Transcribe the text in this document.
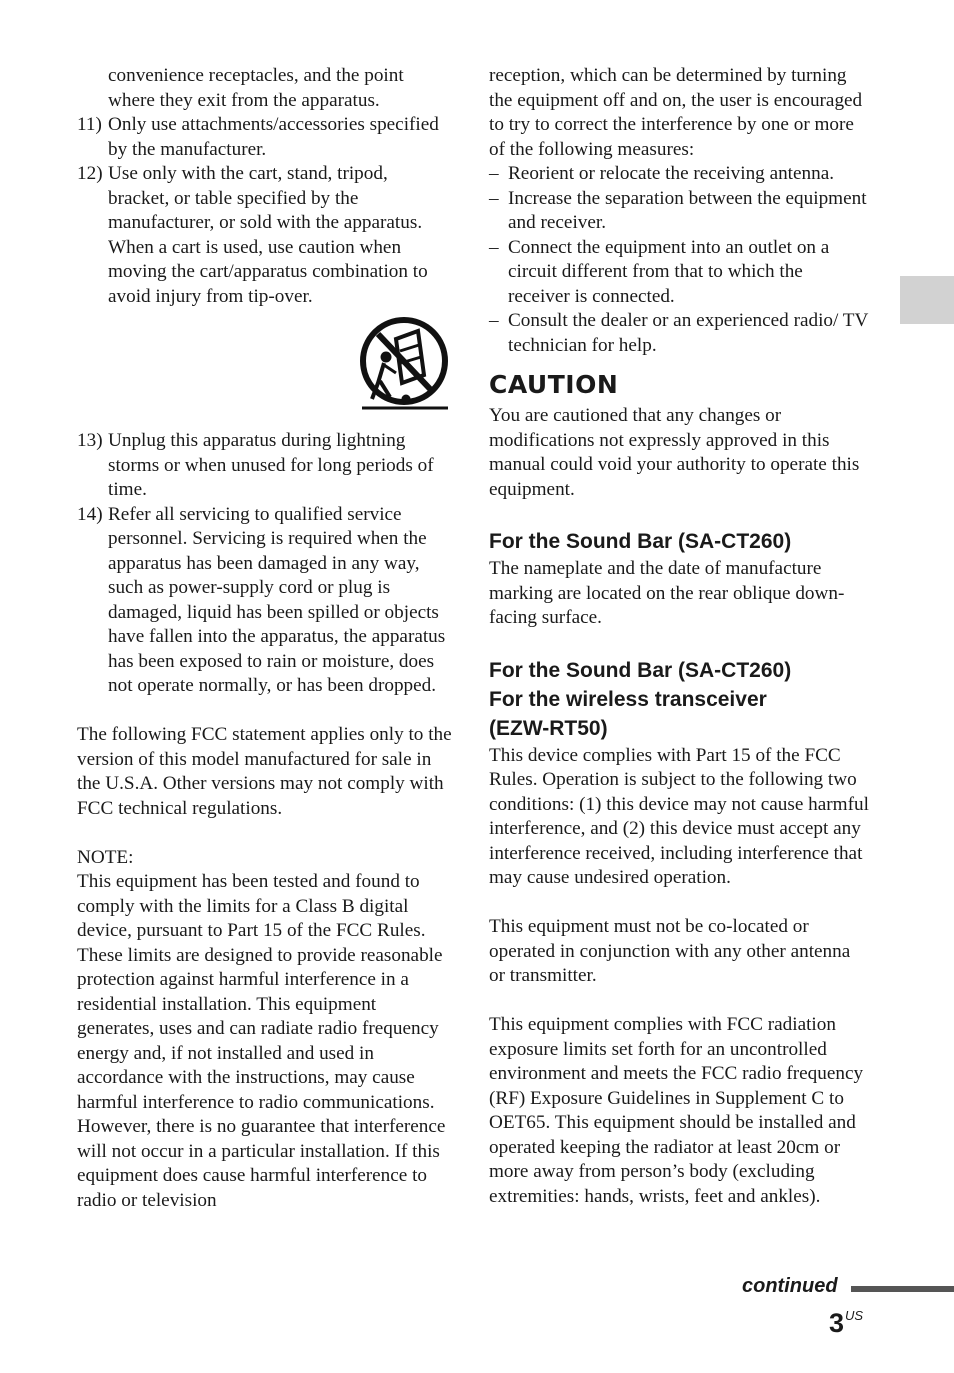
convenience receptacles, and the point where they exit from the apparatus.

11) Only use attachments/accessories specified by the manufacturer.
12) Use only with the cart, stand, tripod, bracket, or table specified by the manufacturer, or sold with the apparatus. When a cart is used, use caution when moving the cart/apparatus combination to avoid injury from tip-over.
13) Unplug this apparatus during lightning storms or when unused for long periods of time.
14) Refer all servicing to qualified service personnel. Servicing is required when the apparatus has been damaged in any way, such as power-supply cord or plug is damaged, liquid has been spilled or objects have fallen into the apparatus, the apparatus has been exposed to rain or moisture, does not operate normally, or has been dropped.

The following FCC statement applies only to the version of this model manufactured for sale in the U.S.A. Other versions may not comply with FCC technical regulations.

NOTE:

This equipment has been tested and found to comply with the limits for a Class B digital device, pursuant to Part 15 of the FCC Rules. These limits are designed to provide reasonable protection against harmful interference in a residential installation. This equipment generates, uses and can radiate radio frequency energy and, if not installed and used in accordance with the instructions, may cause harmful interference to radio communications.

However, there is no guarantee that interference will not occur in a particular installation. If this equipment does cause harmful interference to radio or television

reception, which can be determined by turning the equipment off and on, the user is encouraged to try to correct the interference by one or more of the following measures:

– Reorient or relocate the receiving antenna.
– Increase the separation between the equipment and receiver.
– Connect the equipment into an outlet on a circuit different from that to which the receiver is connected.
– Consult the dealer or an experienced radio/ TV technician for help.
CAUTION

You are cautioned that any changes or modifications not expressly approved in this manual could void your authority to operate this equipment.

For the Sound Bar (SA-CT260)

The nameplate and the date of manufacture marking are located on the rear oblique down-facing surface.

For the Sound Bar (SA-CT260)
For the wireless transceiver
(EZW-RT50)

This device complies with Part 15 of the FCC Rules. Operation is subject to the following two conditions: (1) this device may not cause harmful interference, and (2) this device must accept any interference received, including interference that may cause undesired operation.

This equipment must not be co-located or operated in conjunction with any other antenna or transmitter.

This equipment complies with FCC radiation exposure limits set forth for an uncontrolled environment and meets the FCC radio frequency (RF) Exposure Guidelines in Supplement C to OET65. This equipment should be installed and operated keeping the radiator at least 20cm or more away from person’s body (excluding extremities: hands, wrists, feet and ankles).

continued
$3^{US}$
